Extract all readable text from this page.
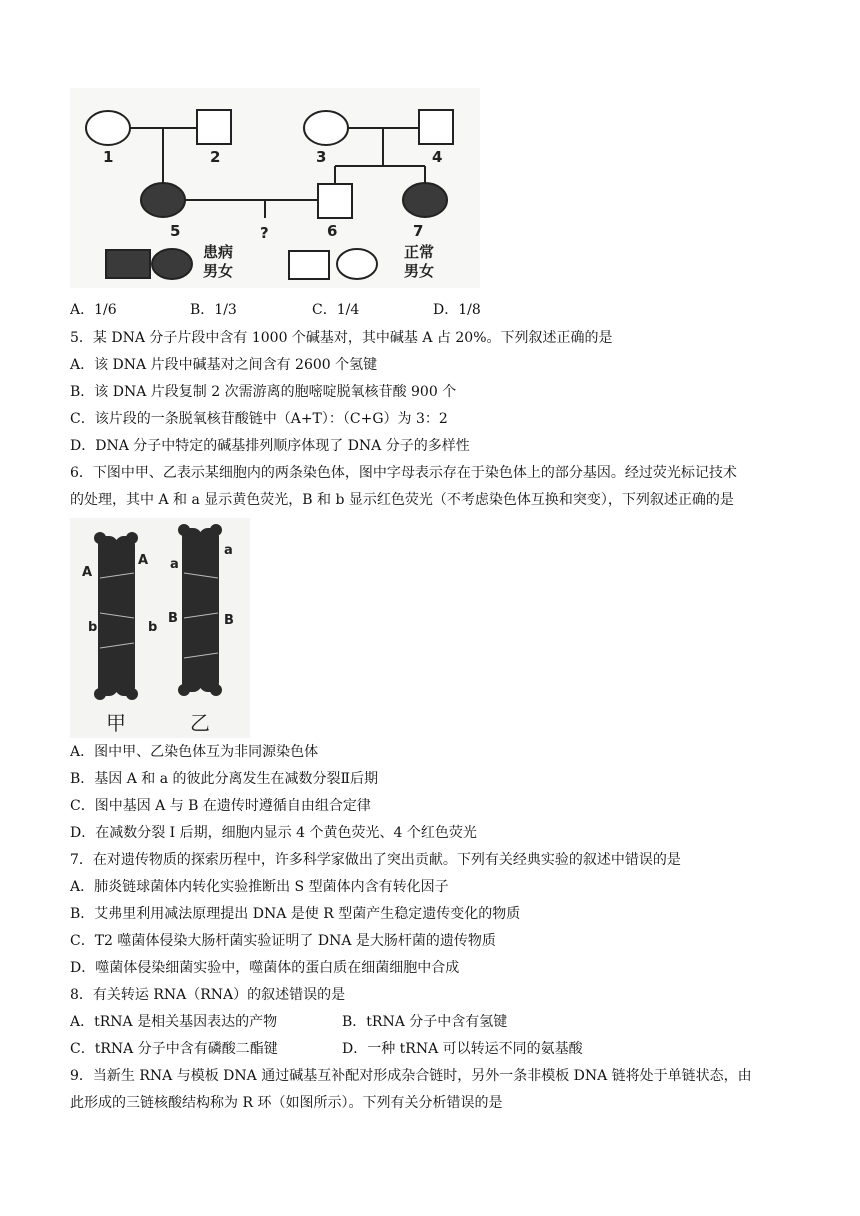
1	2	3	4
5	6	7
?
患病
男女
正常
男女
A．1/6	B．1/3	C．1/4	D．1/8

5．某 DNA 分子片段中含有 1000 个碱基对，其中碱基 A 占 20%。下列叙述正确的是

A．该 DNA 片段中碱基对之间含有 2600 个氢键

B．该 DNA 片段复制 2 次需游离的胞嘧啶脱氧核苷酸 900 个

C．该片段的一条脱氧核苷酸链中（A+T）：（C+G）为 3：2

D．DNA 分子中特定的碱基排列顺序体现了 DNA 分子的多样性

6．下图中甲、乙表示某细胞内的两条染色体，图中字母表示存在于染色体上的部分基因。经过荧光标记技术

的处理，其中 A 和 a 显示黄色荧光，B 和 b 显示红色荧光（不考虑染色体互换和突变），下列叙述正确的是

A
A
b	b
a
a
B	B
甲	乙

A．图中甲、乙染色体互为非同源染色体

B．基因 A 和 a 的彼此分离发生在减数分裂Ⅱ后期

C．图中基因 A 与 B 在遗传时遵循自由组合定律

D．在减数分裂 I 后期，细胞内显示 4 个黄色荧光、4 个红色荧光

7．在对遗传物质的探索历程中，许多科学家做出了突出贡献。下列有关经典实验的叙述中错误的是

A．肺炎链球菌体内转化实验推断出 S 型菌体内含有转化因子

B．艾弗里利用减法原理提出 DNA 是使 R 型菌产生稳定遗传变化的物质

C．T2 噬菌体侵染大肠杆菌实验证明了 DNA 是大肠杆菌的遗传物质

D．噬菌体侵染细菌实验中，噬菌体的蛋白质在细菌细胞中合成

8．有关转运 RNA（RNA）的叙述错误的是

A．tRNA 是相关基因表达的产物	B．tRNA 分子中含有氢键
C．tRNA 分子中含有磷酸二酯键	D．一种 tRNA 可以转运不同的氨基酸

9．当新生 RNA 与模板 DNA 通过碱基互补配对形成杂合链时，另外一条非模板 DNA 链将处于单链状态，由

此形成的三链核酸结构称为 R 环（如图所示）。下列有关分析错误的是
